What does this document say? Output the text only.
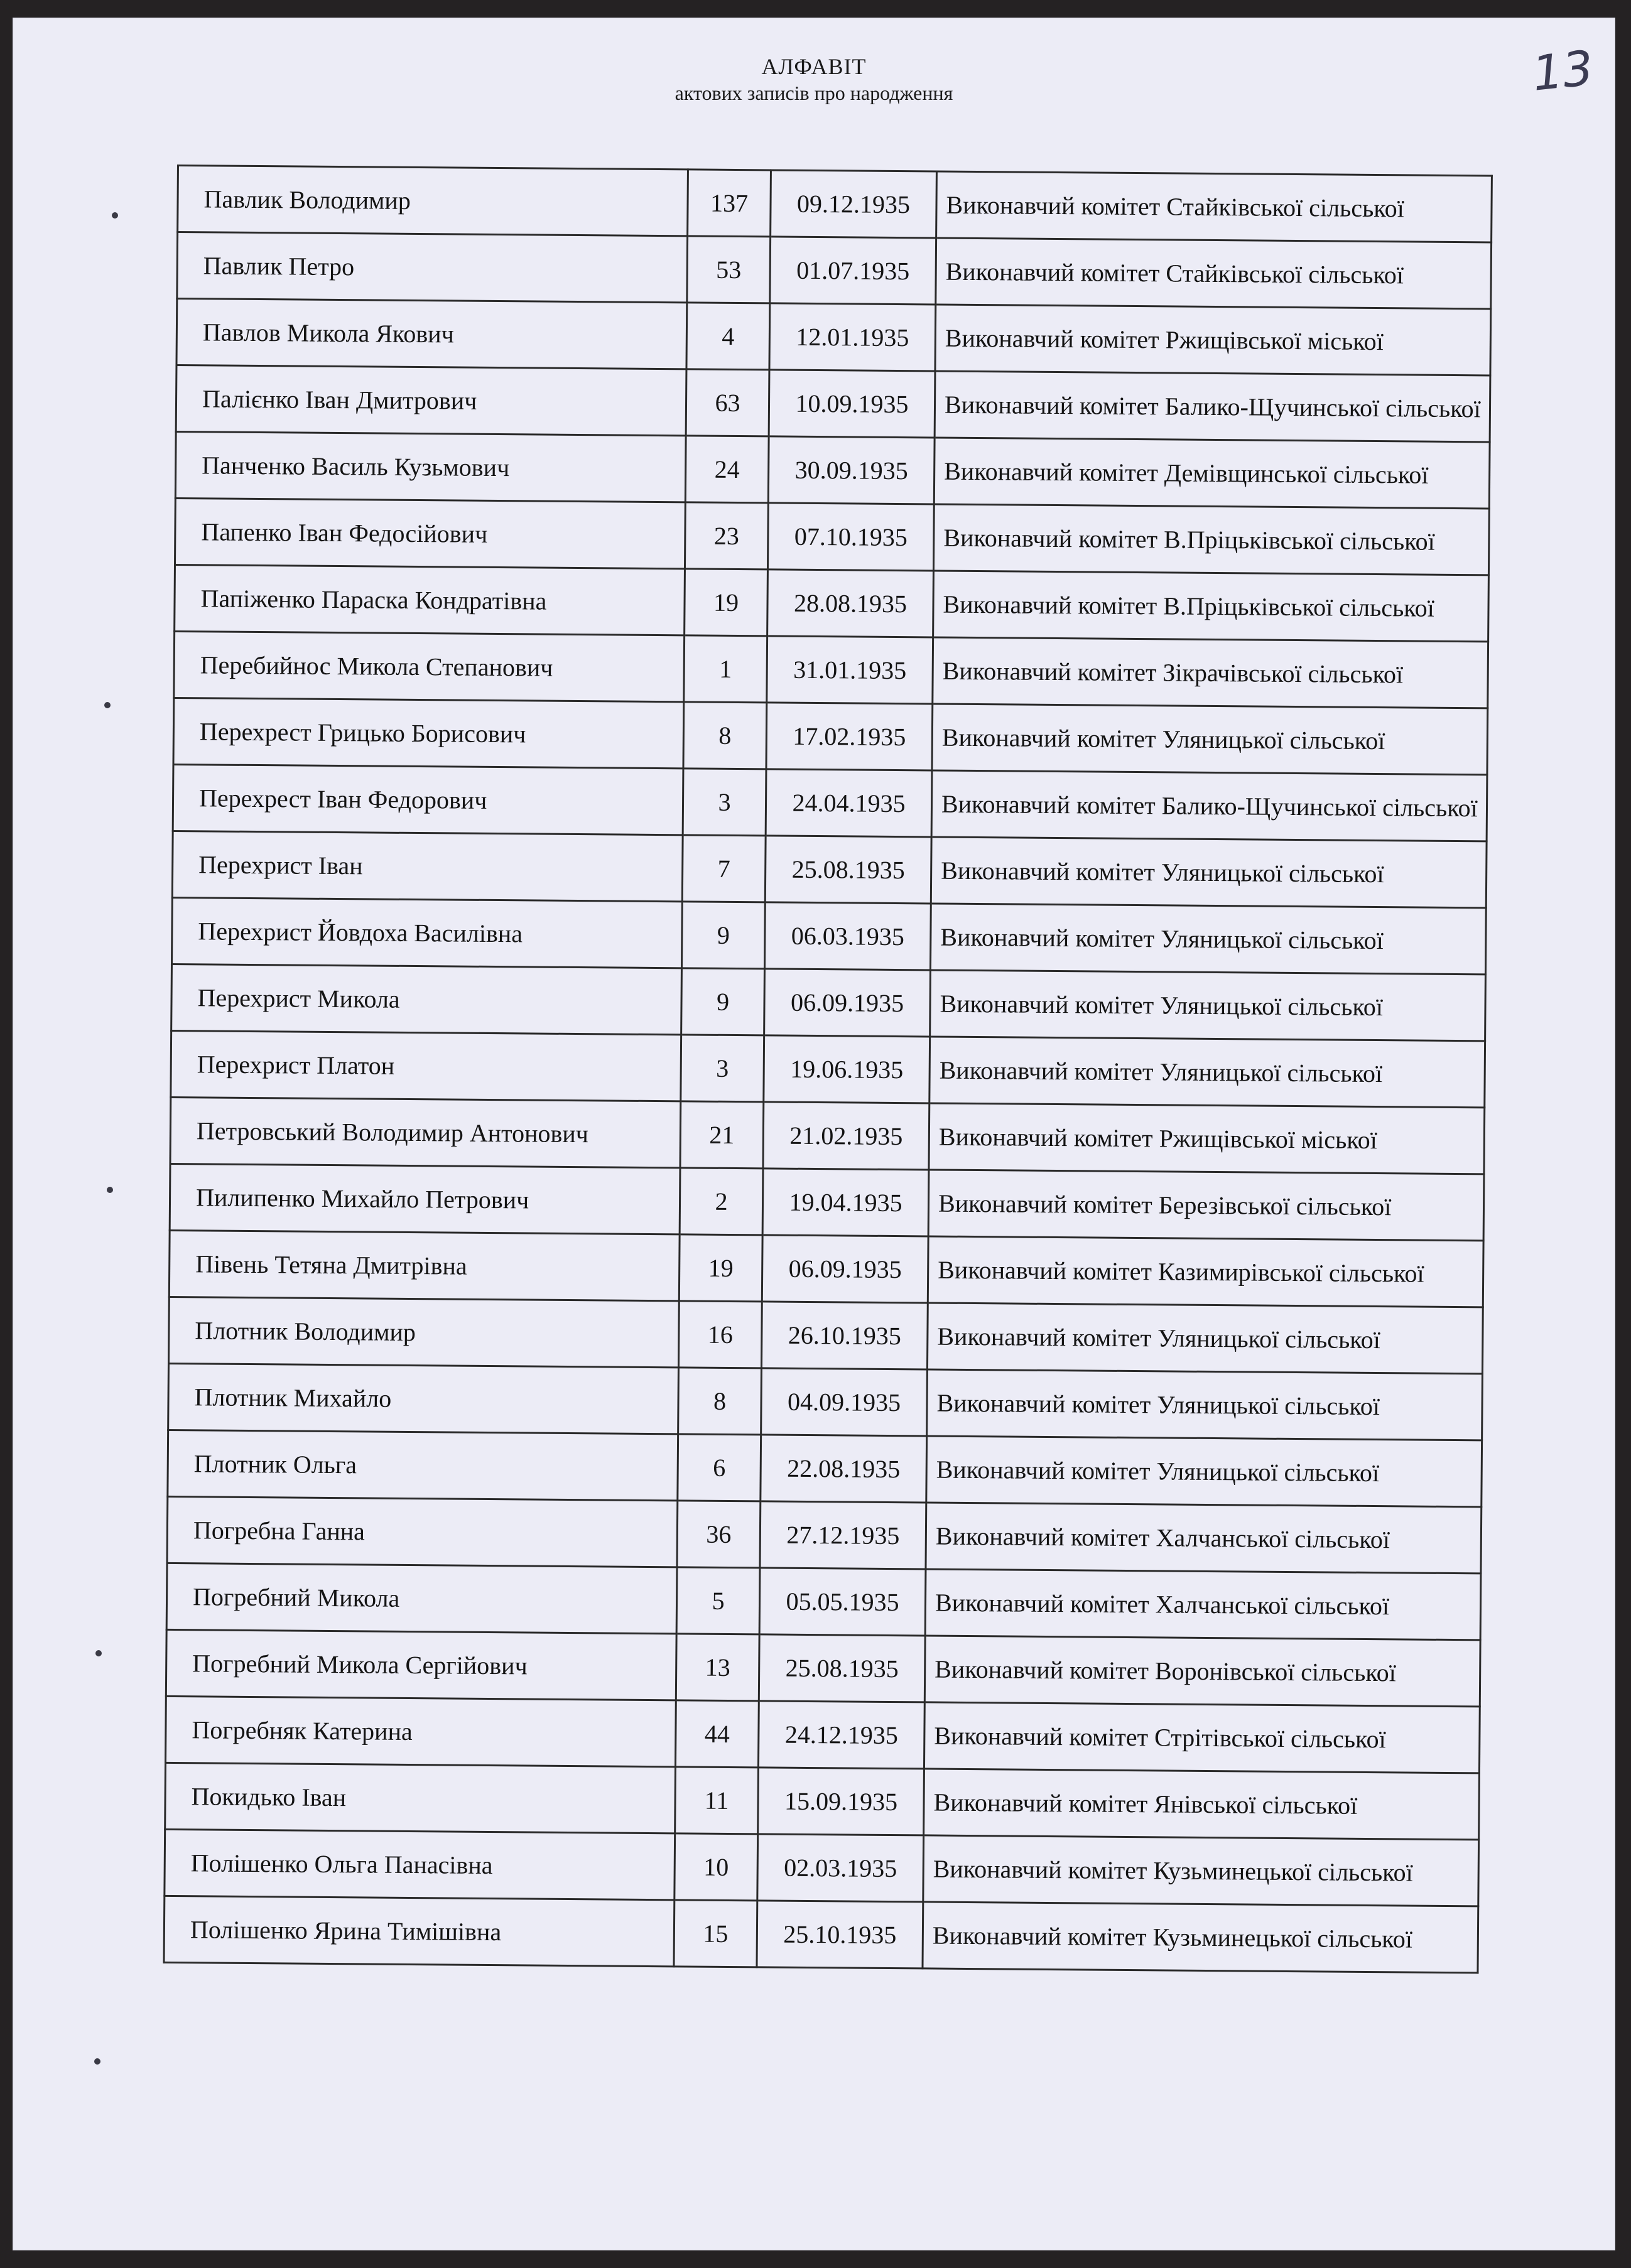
13
АЛФАВІТ
актових записів про народження
Павлик Володимир	137	09.12.1935	Виконавчий комітет Стайківської сільської
Павлик Петро	53	01.07.1935	Виконавчий комітет Стайківської сільської
Павлов Микола Якович	4	12.01.1935	Виконавчий комітет Ржищівської міської
Палієнко Іван Дмитрович	63	10.09.1935	Виконавчий комітет Балико-Щучинської сільської
Панченко Василь Кузьмович	24	30.09.1935	Виконавчий комітет Демівщинської сільської
Папенко Іван Федосійович	23	07.10.1935	Виконавчий комітет В.Пріцьківської сільської
Папіженко Параска Кондратівна	19	28.08.1935	Виконавчий комітет В.Пріцьківської сільської
Перебийнос Микола Степанович	1	31.01.1935	Виконавчий комітет Зікрачівської сільської
Перехрест Грицько Борисович	8	17.02.1935	Виконавчий комітет Уляницької сільської
Перехрест Іван Федорович	3	24.04.1935	Виконавчий комітет Балико-Щучинської сільської
Перехрист Іван	7	25.08.1935	Виконавчий комітет Уляницької сільської
Перехрист Йовдоха Василівна	9	06.03.1935	Виконавчий комітет Уляницької сільської
Перехрист Микола	9	06.09.1935	Виконавчий комітет Уляницької сільської
Перехрист Платон	3	19.06.1935	Виконавчий комітет Уляницької сільської
Петровський Володимир Антонович	21	21.02.1935	Виконавчий комітет Ржищівської міської
Пилипенко Михайло Петрович	2	19.04.1935	Виконавчий комітет Березівської сільської
Півень Тетяна Дмитрівна	19	06.09.1935	Виконавчий комітет Казимирівської сільської
Плотник Володимир	16	26.10.1935	Виконавчий комітет Уляницької сільської
Плотник Михайло	8	04.09.1935	Виконавчий комітет Уляницької сільської
Плотник Ольга	6	22.08.1935	Виконавчий комітет Уляницької сільської
Погребна Ганна	36	27.12.1935	Виконавчий комітет Халчанської сільської
Погребний Микола	5	05.05.1935	Виконавчий комітет Халчанської сільської
Погребний Микола Сергійович	13	25.08.1935	Виконавчий комітет Воронівської сільської
Погребняк Катерина	44	24.12.1935	Виконавчий комітет Стрітівської сільської
Покидько Іван	11	15.09.1935	Виконавчий комітет Янівської сільської
Полішенко Ольга Панасівна	10	02.03.1935	Виконавчий комітет Кузьминецької сільської
Полішенко Ярина Тимішівна	15	25.10.1935	Виконавчий комітет Кузьминецької сільської
